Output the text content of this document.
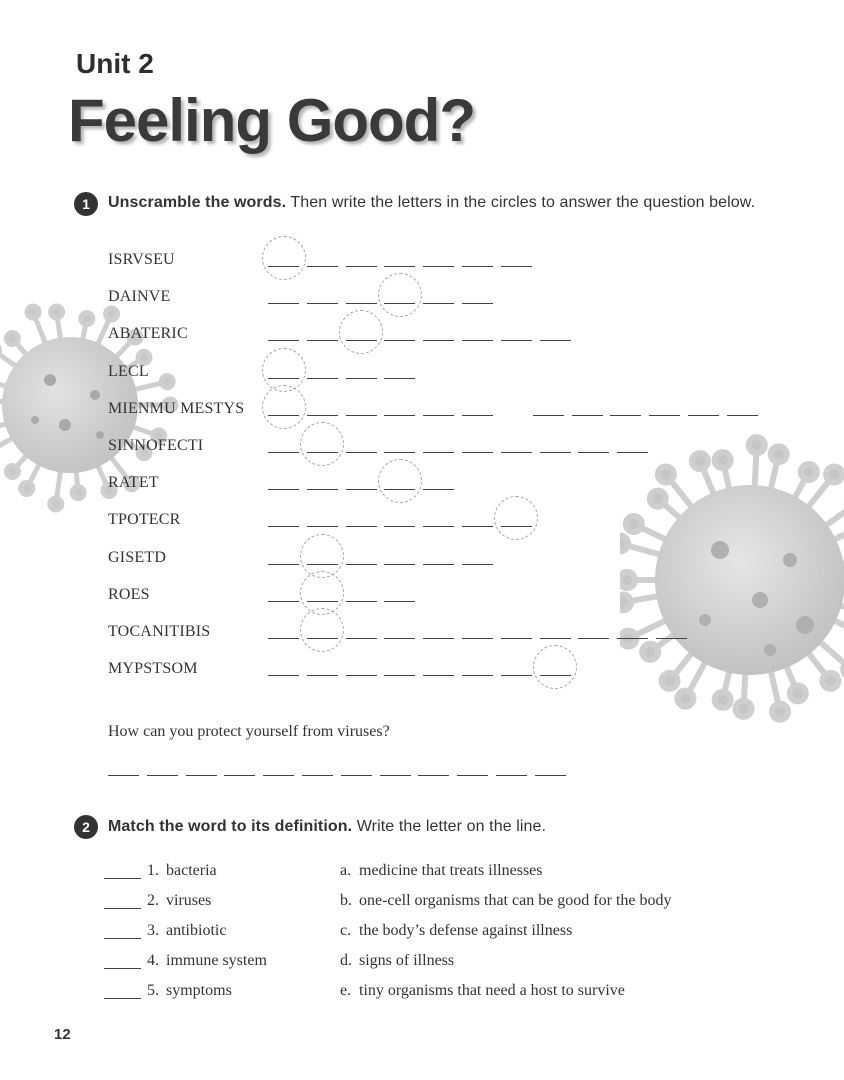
Unit 2
Feeling Good?
1	Unscramble the words. Then write the letters in the circles to answer the question below.
ISRVSEU
DAINVE
ABATERIC
LECL
MIENMU MESTYS
SINNOFECTI
RATET
TPOTECR
GISETD
ROES
TOCANITIBIS
MYPSTSOM
How can you protect yourself from viruses?
2	Match the word to its definition. Write the letter on the line.
1. bacteria	a. medicine that treats illnesses
2. viruses	b. one-cell organisms that can be good for the body
3. antibiotic	c. the body’s defense against illness
4. immune system	d. signs of illness
5. symptoms	e. tiny organisms that need a host to survive
12
